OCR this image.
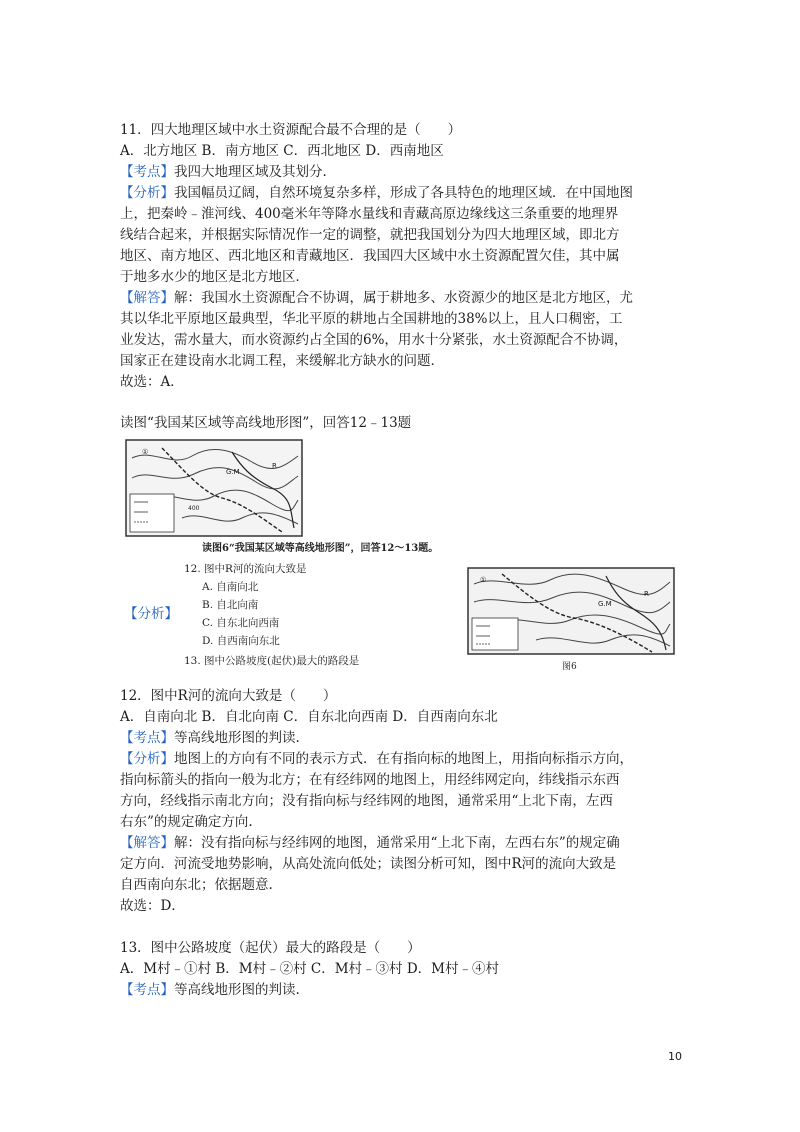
11．四大地理区域中水土资源配合最不合理的是（　　）
A．北方地区 B．南方地区 C．西北地区 D．西南地区
【考点】我四大地理区域及其划分.
【分析】我国幅员辽阔，自然环境复杂多样，形成了各具特色的地理区域．在中国地图
上，把秦岭﹣淮河线、400毫米年等降水量线和青藏高原边缘线这三条重要的地理界
线结合起来，并根据实际情况作一定的调整，就把我国划分为四大地理区域，即北方
地区、南方地区、西北地区和青藏地区．我国四大区域中水土资源配置欠佳，其中属
于地多水少的地区是北方地区．
【解答】解：我国水土资源配合不协调，属于耕地多、水资源少的地区是北方地区，尤
其以华北平原地区最典型，华北平原的耕地占全国耕地的38%以上，且人口稠密，工
业发达，需水量大，而水资源约占全国的6%，用水十分紧张，水土资源配合不协调，
国家正在建设南水北调工程，来缓解北方缺水的问题．
故选：A．
读图“我国某区域等高线地形图”，回答12﹣13题
G.M
R
①
400
读图6“我国某区域等高线地形图”，回答12～13题。
12. 图中R河的流向大致是
A. 自南向北
B. 自北向南
C. 自东北向西南
D. 自西南向东北
13. 图中公路坡度(起伏)最大的路段是
【分析】
G.M
R
①
图6
12．图中R河的流向大致是（　　）
A．自南向北 B．自北向南 C．自东北向西南 D．自西南向东北
【考点】等高线地形图的判读.
【分析】地图上的方向有不同的表示方式．在有指向标的地图上，用指向标指示方向，
指向标箭头的指向一般为北方；在有经纬网的地图上，用经纬网定向，纬线指示东西
方向，经线指示南北方向；没有指向标与经纬网的地图，通常采用“上北下南，左西
右东”的规定确定方向.
【解答】解：没有指向标与经纬网的地图，通常采用“上北下南，左西右东”的规定确
定方向．河流受地势影响，从高处流向低处；读图分析可知，图中R河的流向大致是
自西南向东北；依据题意.
故选：D．
13．图中公路坡度（起伏）最大的路段是（　　）
A．M村﹣①村 B．M村﹣②村 C．M村﹣③村 D．M村﹣④村
【考点】等高线地形图的判读.
10
